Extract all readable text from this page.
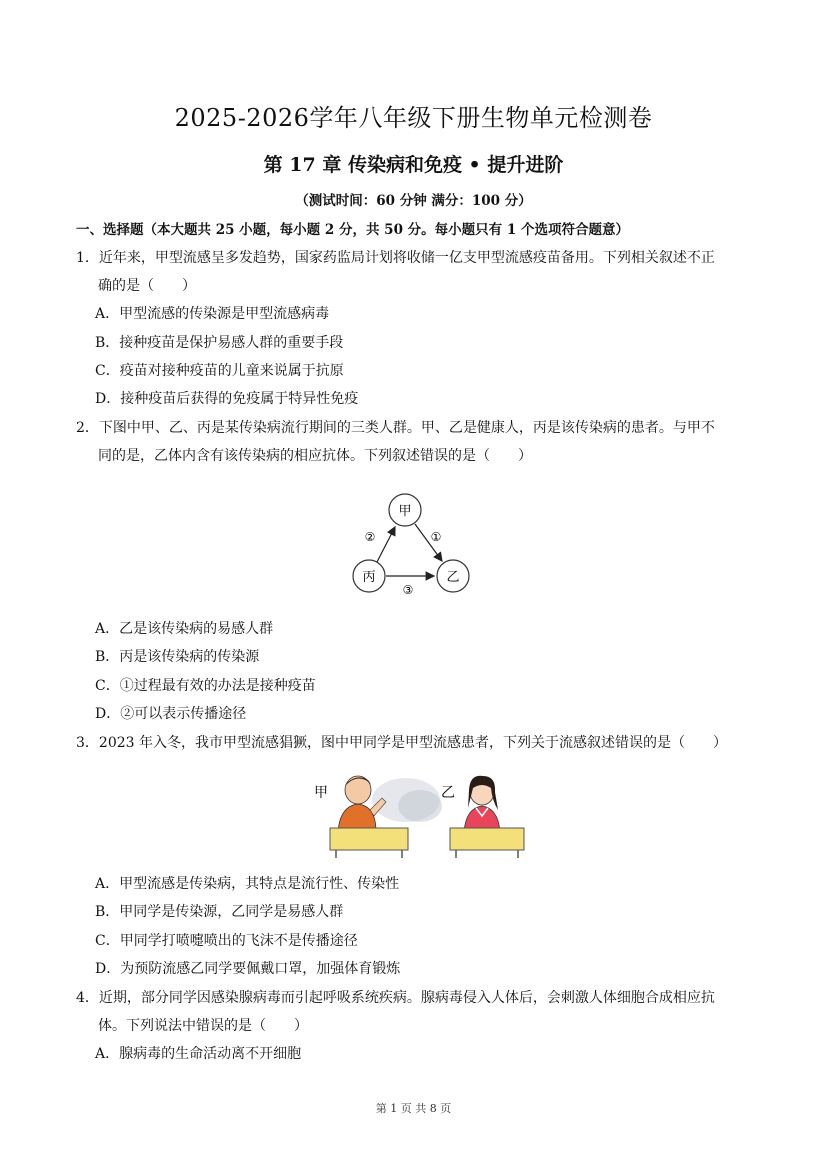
2025-2026学年八年级下册生物单元检测卷
第 17 章 传染病和免疫 • 提升进阶
（测试时间：60 分钟 满分：100 分）
一、选择题（本大题共 25 小题，每小题 2 分，共 50 分。每小题只有 1 个选项符合题意）
1．近年来，甲型流感呈多发趋势，国家药监局计划将收储一亿支甲型流感疫苗备用。下列相关叙述不正
确的是（　　）
A．甲型流感的传染源是甲型流感病毒
B．接种疫苗是保护易感人群的重要手段
C．疫苗对接种疫苗的儿童来说属于抗原
D．接种疫苗后获得的免疫属于特异性免疫
2．下图中甲、乙、丙是某传染病流行期间的三类人群。甲、乙是健康人，丙是该传染病的患者。与甲不
同的是，乙体内含有该传染病的相应抗体。下列叙述错误的是（　　）
甲
丙	乙
①
②
③
A．乙是该传染病的易感人群
B．丙是该传染病的传染源
C．①过程最有效的办法是接种疫苗
D．②可以表示传播途径
3．2023 年入冬，我市甲型流感猖獗，图中甲同学是甲型流感患者，下列关于流感叙述错误的是（　　）
甲	乙
A．甲型流感是传染病，其特点是流行性、传染性
B．甲同学是传染源，乙同学是易感人群
C．甲同学打喷嚏喷出的飞沫不是传播途径
D．为预防流感乙同学要佩戴口罩，加强体育锻炼
4．近期，部分同学因感染腺病毒而引起呼吸系统疾病。腺病毒侵入人体后，会刺激人体细胞合成相应抗
体。下列说法中错误的是（　　）
A．腺病毒的生命活动离不开细胞
第 1 页 共 8 页
